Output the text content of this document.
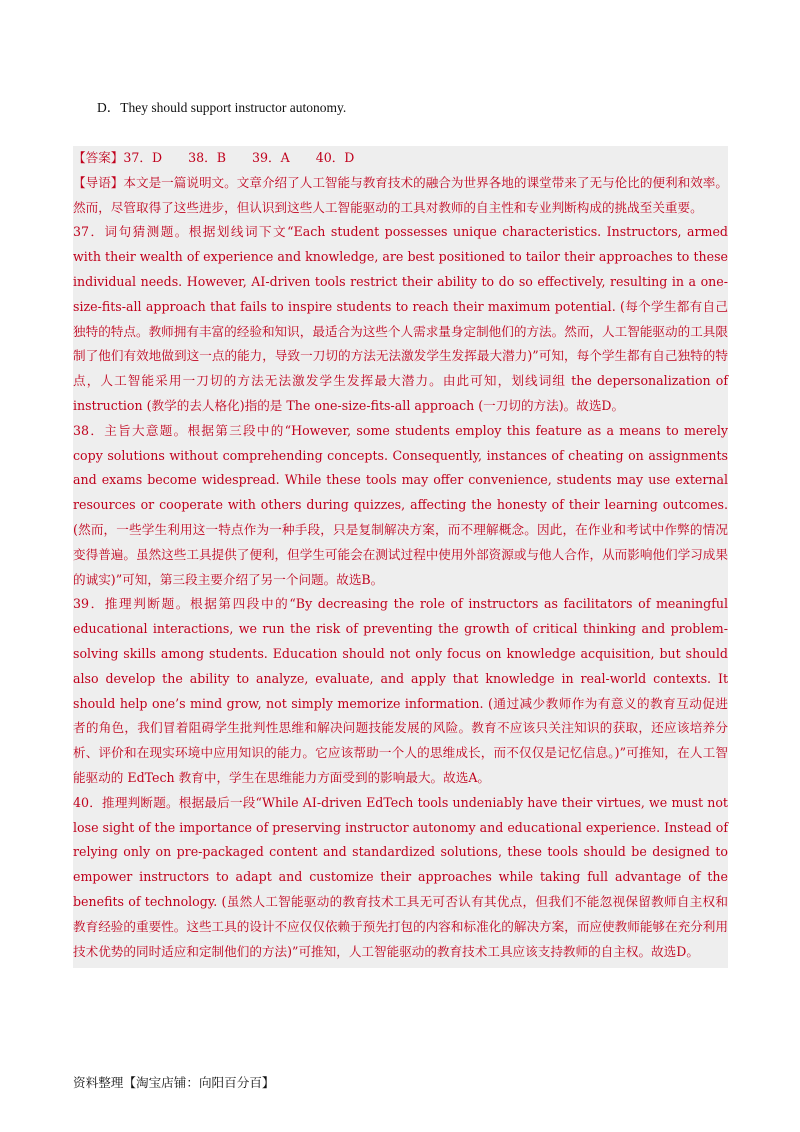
D．They should support instructor autonomy.

【答案】37．D 38．B 39．A 40．D

【导语】本文是一篇说明文。文章介绍了人工智能与教育技术的融合为世界各地的课堂带来了无与伦比的便利和效率。然而，尽管取得了这些进步，但认识到这些人工智能驱动的工具对教师的自主性和专业判断构成的挑战至关重要。

37．词句猜测题。根据划线词下文“Each student possesses unique characteristics. Instructors, armed with their wealth of experience and knowledge, are best positioned to tailor their approaches to these individual needs. However, AI-driven tools restrict their ability to do so effectively, resulting in a one-size-fits-all approach that fails to inspire students to reach their maximum potential. (每个学生都有自己独特的特点。教师拥有丰富的经验和知识，最适合为这些个人需求量身定制他们的方法。然而，人工智能驱动的工具限制了他们有效地做到这一点的能力，导致一刀切的方法无法激发学生发挥最大潜力)”可知，每个学生都有自己独特的特点，人工智能采用一刀切的方法无法激发学生发挥最大潜力。由此可知，划线词组 the depersonalization of instruction (教学的去人格化)指的是 The one-size-fits-all approach (一刀切的方法)。故选D。

38．主旨大意题。根据第三段中的“However, some students employ this feature as a means to merely copy solutions without comprehending concepts. Consequently, instances of cheating on assignments and exams become widespread. While these tools may offer convenience, students may use external resources or cooperate with others during quizzes, affecting the honesty of their learning outcomes. (然而，一些学生利用这一特点作为一种手段，只是复制解决方案，而不理解概念。因此，在作业和考试中作弊的情况变得普遍。虽然这些工具提供了便利，但学生可能会在测试过程中使用外部资源或与他人合作，从而影响他们学习成果的诚实)”可知，第三段主要介绍了另一个问题。故选B。

39．推理判断题。根据第四段中的“By decreasing the role of instructors as facilitators of meaningful educational interactions, we run the risk of preventing the growth of critical thinking and problem-solving skills among students. Education should not only focus on knowledge acquisition, but should also develop the ability to analyze, evaluate, and apply that knowledge in real-world contexts. It should help one’s mind grow, not simply memorize information. (通过减少教师作为有意义的教育互动促进者的角色，我们冒着阻碍学生批判性思维和解决问题技能发展的风险。教育不应该只关注知识的获取，还应该培养分析、评价和在现实环境中应用知识的能力。它应该帮助一个人的思维成长，而不仅仅是记忆信息。)”可推知，在人工智能驱动的 EdTech 教育中，学生在思维能力方面受到的影响最大。故选A。

40．推理判断题。根据最后一段“While AI-driven EdTech tools undeniably have their virtues, we must not lose sight of the importance of preserving instructor autonomy and educational experience. Instead of relying only on pre-packaged content and standardized solutions, these tools should be designed to empower instructors to adapt and customize their approaches while taking full advantage of the benefits of technology. (虽然人工智能驱动的教育技术工具无可否认有其优点，但我们不能忽视保留教师自主权和教育经验的重要性。这些工具的设计不应仅仅依赖于预先打包的内容和标准化的解决方案，而应使教师能够在充分利用技术优势的同时适应和定制他们的方法)”可推知，人工智能驱动的教育技术工具应该支持教师的自主权。故选D。

资料整理【淘宝店铺：向阳百分百】
